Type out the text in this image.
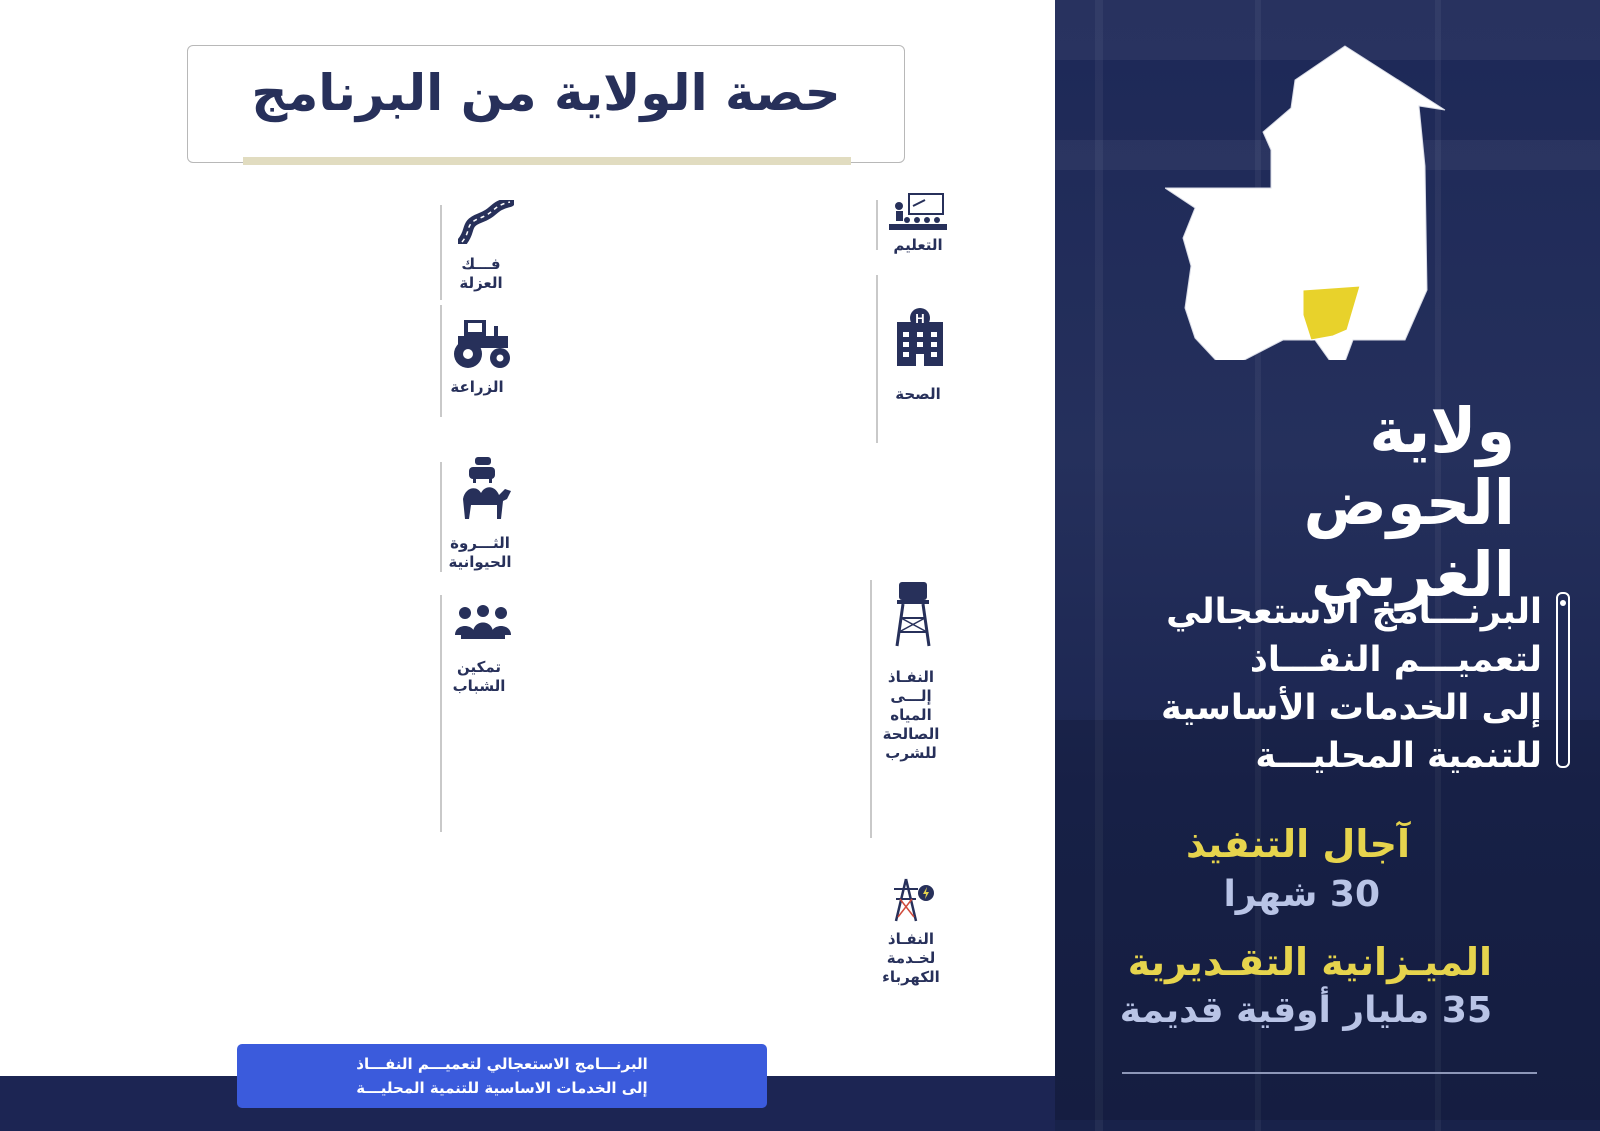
ولاية
الحوض الغربي
البرنـــامج الاستعجالي
لتعميـــم النفـــاذ
إلى الخدمات الأساسية
للتنمية المحليـــة
آجال التنفيذ
30 شهرا
الميـزانية التقـديرية
35 مليار أوقية قديمة
حصة الولاية من البرنامج
التعليم
H
الصحة
النفـاذ إلـــى المياه الصالحة للشرب
النفـاذ لخـدمة الكهرباء
فـــك العزلة
الزراعة
الثـــروة الحيوانية
تمكين الشباب
البرنـــامج الاستعجالي لتعميـــم النفـــاذ
إلى الخدمات الاساسية للتنمية المحليـــة
